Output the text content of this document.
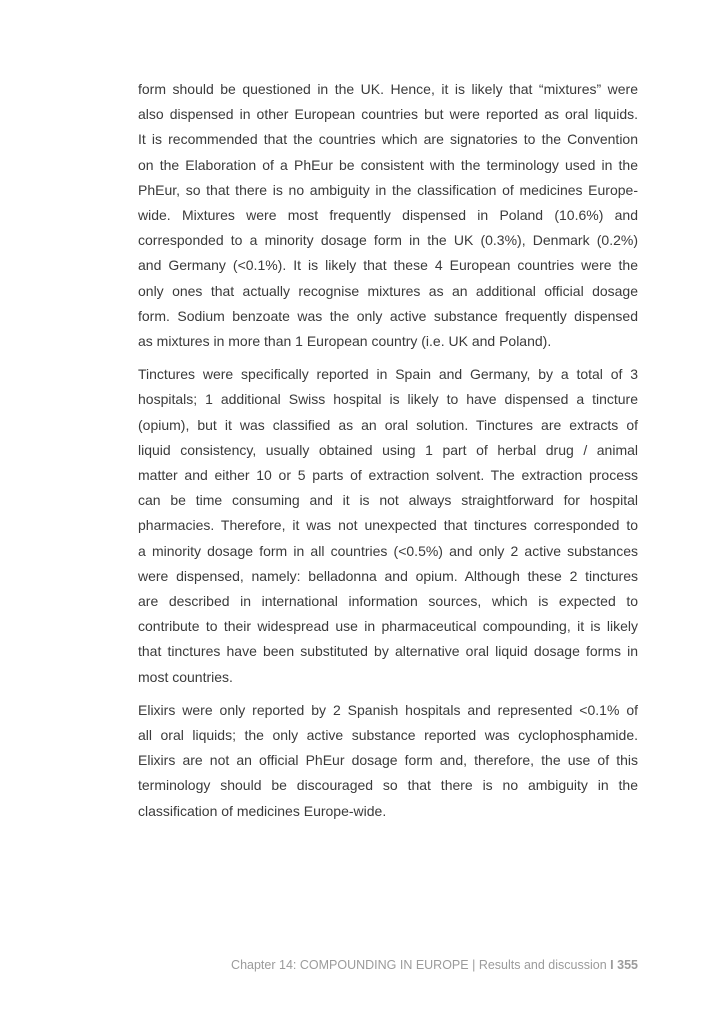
form should be questioned in the UK. Hence, it is likely that “mixtures” were
also dispensed in other European countries but were reported as oral liquids.
It is recommended that the countries which are signatories to the Convention
on the Elaboration of a PhEur be consistent with the terminology used in the
PhEur, so that there is no ambiguity in the classification of medicines Europe-
wide. Mixtures were most frequently dispensed in Poland (10.6%) and
corresponded to a minority dosage form in the UK (0.3%), Denmark (0.2%)
and Germany (<0.1%). It is likely that these 4 European countries were the
only ones that actually recognise mixtures as an additional official dosage
form. Sodium benzoate was the only active substance frequently dispensed
as mixtures in more than 1 European country (i.e. UK and Poland).
Tinctures were specifically reported in Spain and Germany, by a total of 3
hospitals; 1 additional Swiss hospital is likely to have dispensed a tincture
(opium), but it was classified as an oral solution. Tinctures are extracts of
liquid consistency, usually obtained using 1 part of herbal drug / animal
matter and either 10 or 5 parts of extraction solvent. The extraction process
can be time consuming and it is not always straightforward for hospital
pharmacies. Therefore, it was not unexpected that tinctures corresponded to
a minority dosage form in all countries (<0.5%) and only 2 active substances
were dispensed, namely: belladonna and opium. Although these 2 tinctures
are described in international information sources, which is expected to
contribute to their widespread use in pharmaceutical compounding, it is likely
that tinctures have been substituted by alternative oral liquid dosage forms in
most countries.
Elixirs were only reported by 2 Spanish hospitals and represented <0.1% of
all oral liquids; the only active substance reported was cyclophosphamide.
Elixirs are not an official PhEur dosage form and, therefore, the use of this
terminology should be discouraged so that there is no ambiguity in the
classification of medicines Europe-wide.
Chapter 14: COMPOUNDING IN EUROPE | Results and discussion I 355
